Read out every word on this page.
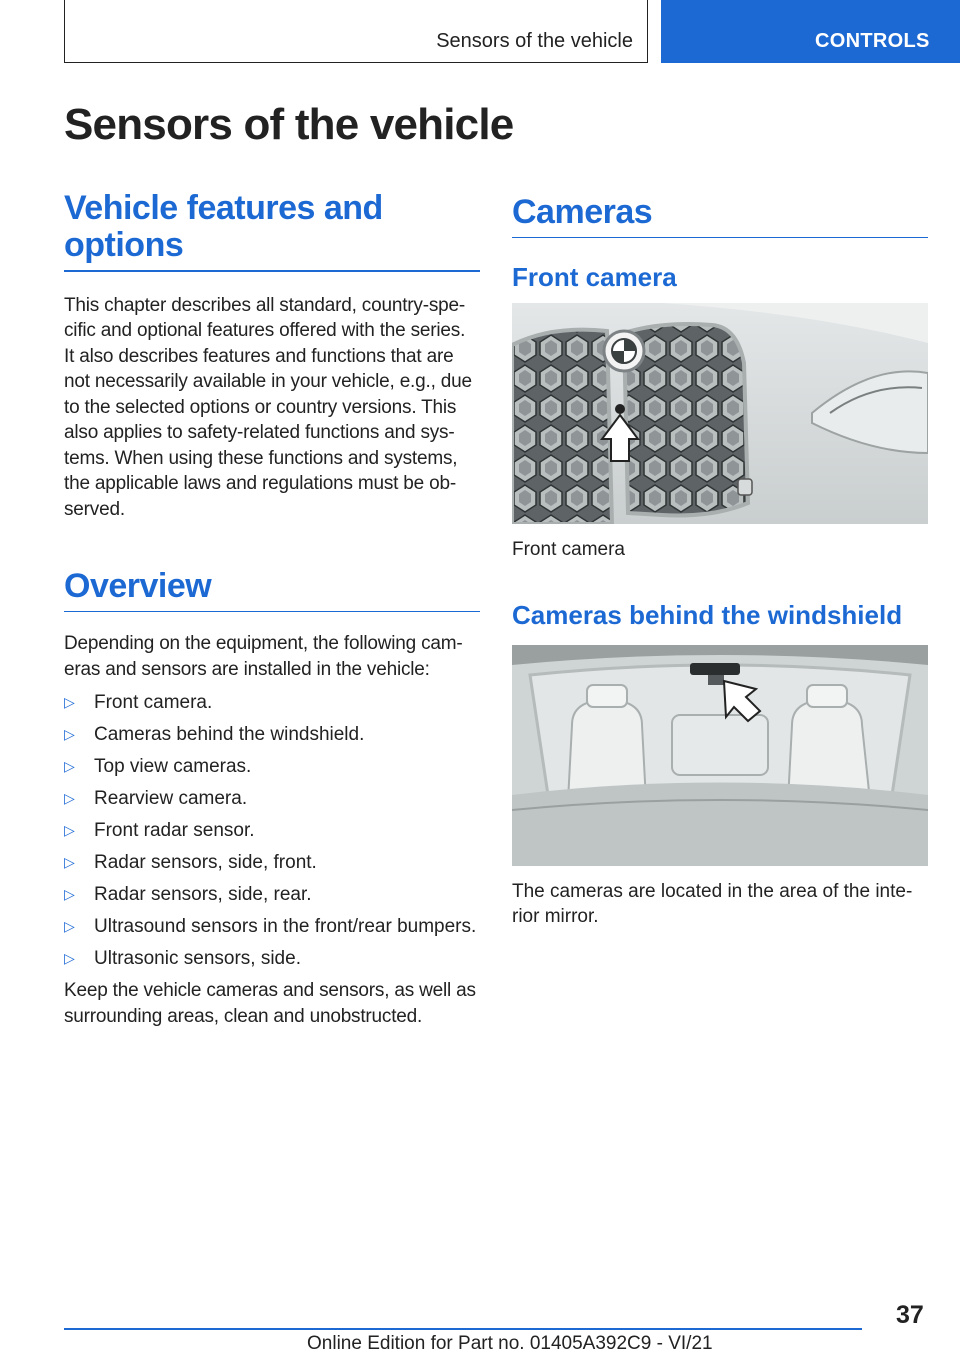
Sensors of the vehicle	CONTROLS
Sensors of the vehicle
Vehicle features and options

This chapter describes all standard, country-spe-cific and optional features offered with the series. It also describes features and functions that are not necessarily available in your vehicle, e.g., due to the selected options or country versions. This also applies to safety-related functions and sys-tems. When using these functions and systems, the applicable laws and regulations must be ob-served.

Overview

Depending on the equipment, the following cam-eras and sensors are installed in the vehicle:

▷ Front camera.
▷ Cameras behind the windshield.
▷ Top view cameras.
▷ Rearview camera.
▷ Front radar sensor.
▷ Radar sensors, side, front.
▷ Radar sensors, side, rear.
▷ Ultrasound sensors in the front/rear bumpers.
▷ Ultrasonic sensors, side.

Keep the vehicle cameras and sensors, as well as surrounding areas, clean and unobstructed.

Cameras
Front camera

Front camera

Cameras behind the windshield

The cameras are located in the area of the inte-rior mirror.

37
Online Edition for Part no. 01405A392C9 - VI/21
